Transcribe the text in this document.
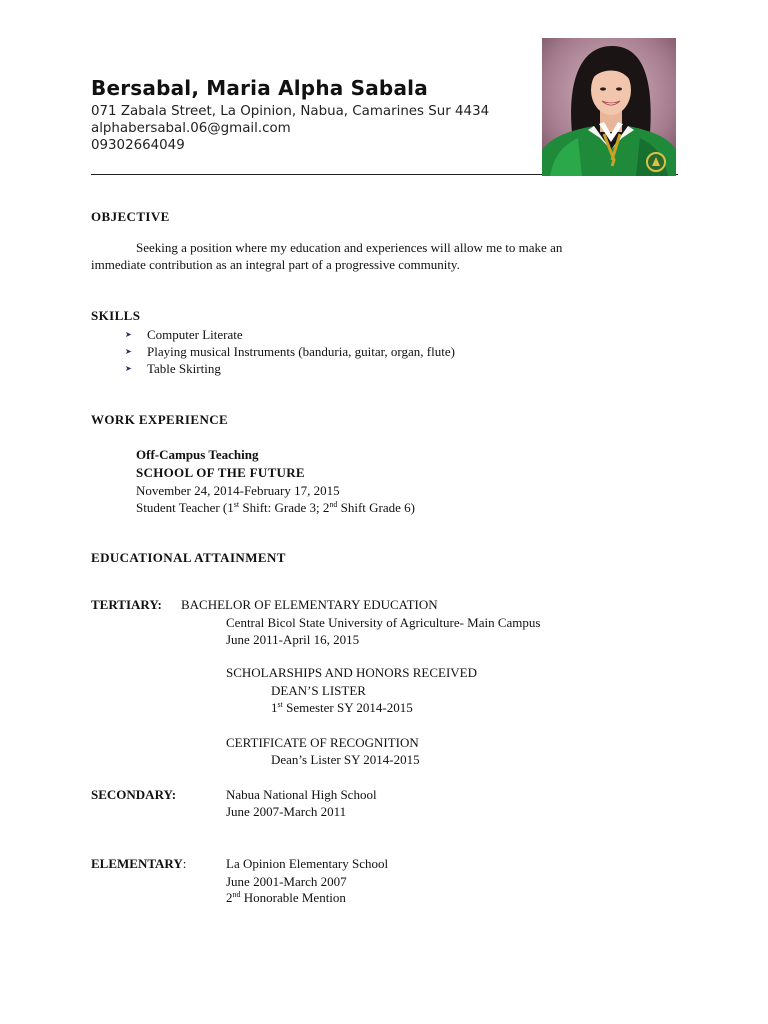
Bersabal, Maria Alpha Sabala
071 Zabala Street, La Opinion, Nabua, Camarines Sur 4434
alphabersabal.06@gmail.com
09302664049
OBJECTIVE
Seeking a position where my education and experiences will allow me to make an
immediate contribution as an integral part of a progressive community.
SKILLS
➤ Computer Literate
➤ Playing musical Instruments (banduria, guitar, organ, flute)
➤ Table Skirting
WORK EXPERIENCE
Off-Campus Teaching
SCHOOL OF THE FUTURE
November 24, 2014-February 17, 2015
Student Teacher (1st Shift: Grade 3; 2nd Shift Grade 6)
EDUCATIONAL ATTAINMENT
TERTIARY: BACHELOR OF ELEMENTARY EDUCATION
Central Bicol State University of Agriculture- Main Campus
June 2011-April 16, 2015
SCHOLARSHIPS AND HONORS RECEIVED
DEAN’S LISTER
1st Semester SY 2014-2015
CERTIFICATE OF RECOGNITION
Dean’s Lister SY 2014-2015
SECONDARY:	Nabua National High School
June 2007-March 2011
ELEMENTARY:	La Opinion Elementary School
June 2001-March 2007
2nd Honorable Mention
